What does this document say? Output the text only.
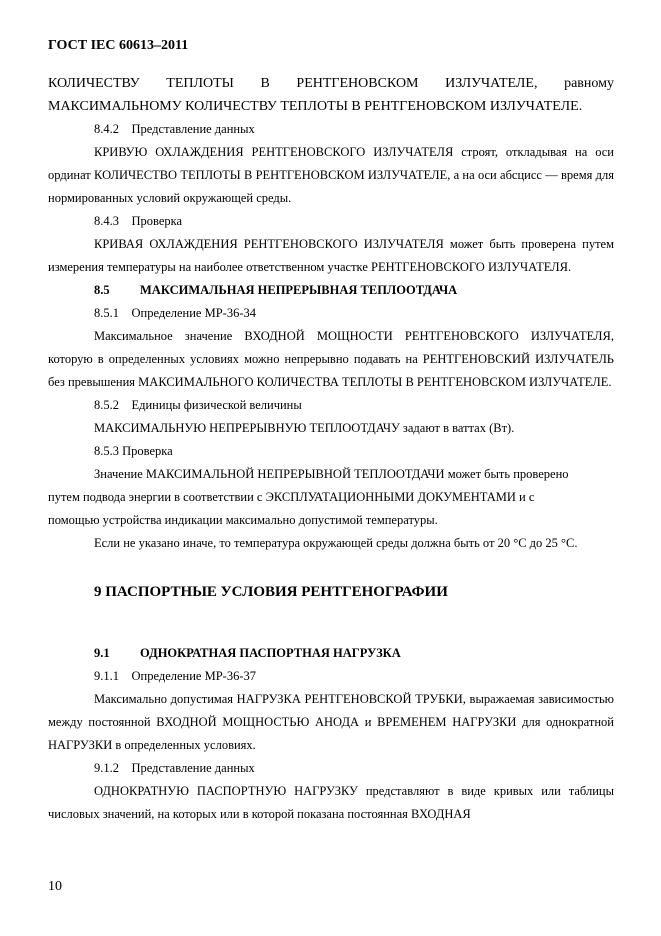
ГОСТ IEC 60613–2011

КОЛИЧЕСТВУ ТЕПЛОТЫ В РЕНТГЕНОВСКОМ ИЗЛУЧАТЕЛЕ, равному

МАКСИМАЛЬНОМУ КОЛИЧЕСТВУ ТЕПЛОТЫ В РЕНТГЕНОВСКОМ ИЗЛУЧАТЕЛЕ.

8.4.2    Представление данных

КРИВУЮ ОХЛАЖДЕНИЯ РЕНТГЕНОВСКОГО ИЗЛУЧАТЕЛЯ строят, откладывая на оси ординат КОЛИЧЕСТВО ТЕПЛОТЫ В РЕНТГЕНОВСКОМ ИЗЛУЧАТЕЛЕ, а на оси абсцисс — время для нормированных условий окружающей среды.

8.4.3    Проверка

КРИВАЯ ОХЛАЖДЕНИЯ РЕНТГЕНОВСКОГО ИЗЛУЧАТЕЛЯ может быть проверена путем измерения температуры на наиболее ответственном участке РЕНТГЕНОВСКОГО ИЗЛУЧАТЕЛЯ.

8.5 МАКСИМАЛЬНАЯ НЕПРЕРЫВНАЯ ТЕПЛООТДАЧА

8.5.1    Определение МР-36-34

Максимальное значение ВХОДНОЙ МОЩНОСТИ РЕНТГЕНОВСКОГО ИЗЛУЧАТЕЛЯ, которую в определенных условиях можно непрерывно подавать на РЕНТГЕНОВСКИЙ ИЗЛУЧАТЕЛЬ без превышения МАКСИМАЛЬНОГО КОЛИЧЕСТВА ТЕПЛОТЫ В РЕНТГЕНОВСКОМ ИЗЛУЧАТЕЛЕ.

8.5.2    Единицы физической величины

МАКСИМАЛЬНУЮ НЕПРЕРЫВНУЮ ТЕПЛООТДАЧУ задают в ваттах (Вт).

8.5.3 Проверка

Значение МАКСИМАЛЬНОЙ НЕПРЕРЫВНОЙ ТЕПЛООТДАЧИ может быть проверено

путем подвода энергии в соответствии с ЭКСПЛУАТАЦИОННЫМИ ДОКУМЕНТАМИ и с

помощью устройства индикации максимально допустимой температуры.

Если не указано иначе, то температура окружающей среды должна быть от 20 °С до 25 °С.

9 ПАСПОРТНЫЕ УСЛОВИЯ РЕНТГЕНОГРАФИИ
9.1 ОДНОКРАТНАЯ ПАСПОРТНАЯ НАГРУЗКА

9.1.1    Определение МР-36-37

Максимально допустимая НАГРУЗКА РЕНТГЕНОВСКОЙ ТРУБКИ, выражаемая зависимостью между постоянной ВХОДНОЙ МОЩНОСТЬЮ АНОДА и ВРЕМЕНЕМ НАГРУЗКИ для однократной НАГРУЗКИ в определенных условиях.

9.1.2    Представление данных

ОДНОКРАТНУЮ ПАСПОРТНУЮ НАГРУЗКУ представляют в виде кривых или таблицы числовых значений, на которых или в которой показана постоянная ВХОДНАЯ

10
